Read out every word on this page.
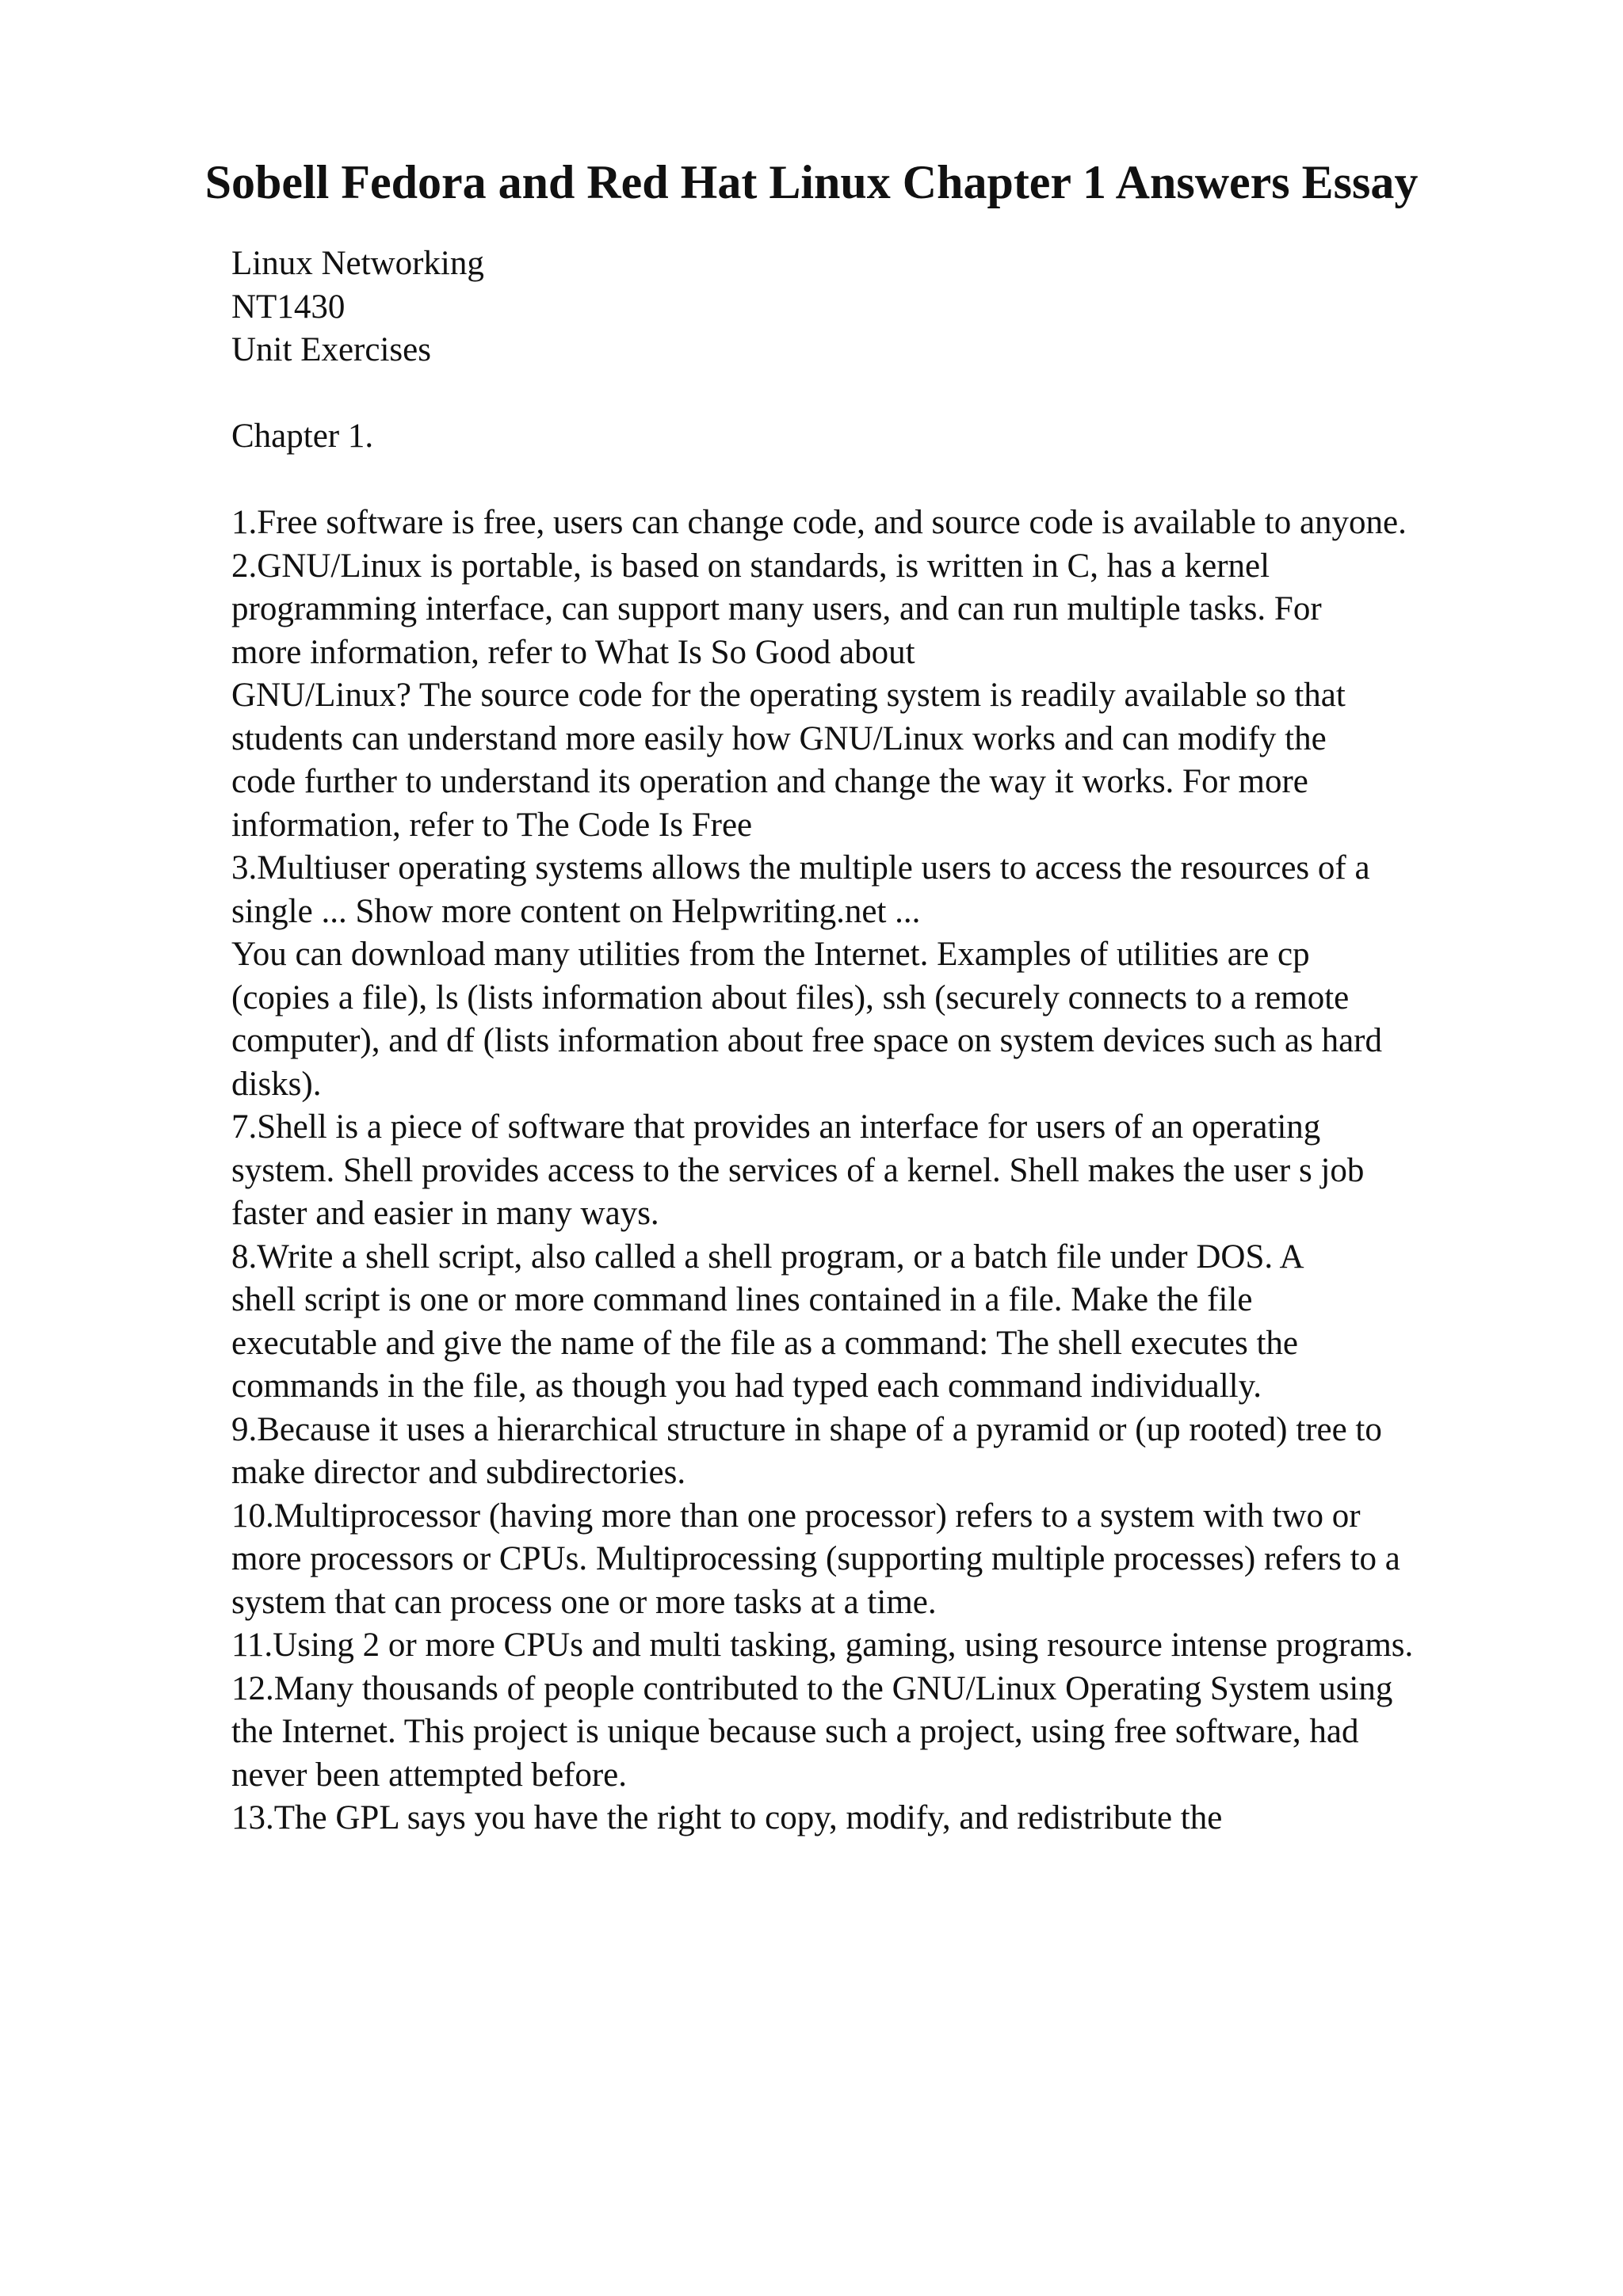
Sobell Fedora and Red Hat Linux Chapter 1 Answers Essay
Linux Networking
NT1430
Unit Exercises
Chapter 1.
1.Free software is free, users can change code, and source code is available to anyone.
2.GNU/Linux is portable, is based on standards, is written in C, has a kernel
programming interface, can support many users, and can run multiple tasks. For
more information, refer to What Is So Good about
GNU/Linux? The source code for the operating system is readily available so that
students can understand more easily how GNU/Linux works and can modify the
code further to understand its operation and change the way it works. For more
information, refer to The Code Is Free
3.Multiuser operating systems allows the multiple users to access the resources of a
single ... Show more content on Helpwriting.net ...
You can download many utilities from the Internet. Examples of utilities are cp
(copies a file), ls (lists information about files), ssh (securely connects to a remote
computer), and df (lists information about free space on system devices such as hard
disks).
7.Shell is a piece of software that provides an interface for users of an operating
system. Shell provides access to the services of a kernel. Shell makes the user s job
faster and easier in many ways.
8.Write a shell script, also called a shell program, or a batch file under DOS. A
shell script is one or more command lines contained in a file. Make the file
executable and give the name of the file as a command: The shell executes the
commands in the file, as though you had typed each command individually.
9.Because it uses a hierarchical structure in shape of a pyramid or (up rooted) tree to
make director and subdirectories.
10.Multiprocessor (having more than one processor) refers to a system with two or
more processors or CPUs. Multiprocessing (supporting multiple processes) refers to a
system that can process one or more tasks at a time.
11.Using 2 or more CPUs and multi tasking, gaming, using resource intense programs.
12.Many thousands of people contributed to the GNU/Linux Operating System using
the Internet. This project is unique because such a project, using free software, had
never been attempted before.
13.The GPL says you have the right to copy, modify, and redistribute the
